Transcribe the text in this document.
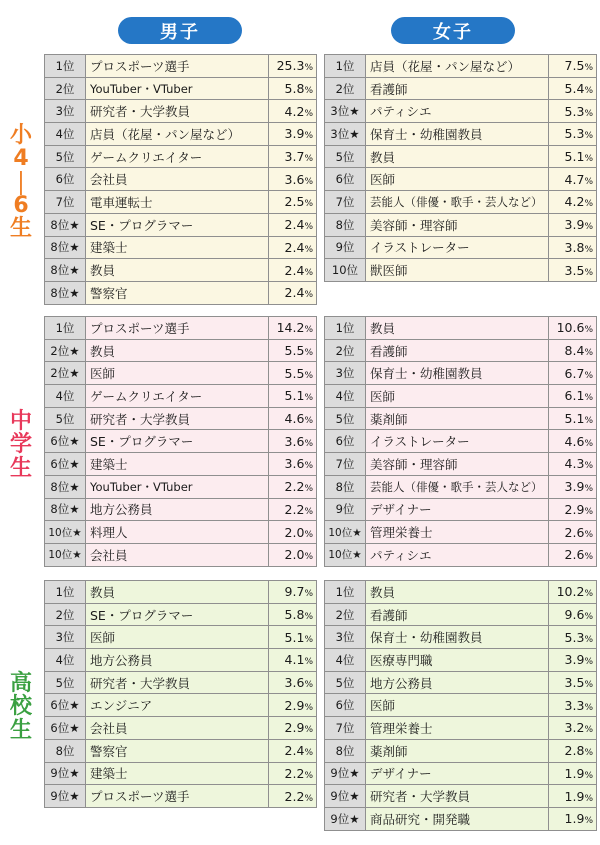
男子	女子
小
4
|
6
生
中
学
生
高
校
生
1位	プロスポーツ選手	25.3%
2位	YouTuber・VTuber	5.8%
3位	研究者・大学教員	4.2%
4位	店員（花屋・パン屋など）	3.9%
5位	ゲームクリエイター	3.7%
6位	会社員	3.6%
7位	電車運転士	2.5%
8位★	SE・プログラマー	2.4%
8位★	建築士	2.4%
8位★	教員	2.4%
8位★	警察官	2.4%
1位	店員（花屋・パン屋など）	7.5%
2位	看護師	5.4%
3位★	パティシエ	5.3%
3位★	保育士・幼稚園教員	5.3%
5位	教員	5.1%
6位	医師	4.7%
7位	芸能人（俳優・歌手・芸人など）	4.2%
8位	美容師・理容師	3.9%
9位	イラストレーター	3.8%
10位	獣医師	3.5%
1位	プロスポーツ選手	14.2%
2位★	教員	5.5%
2位★	医師	5.5%
4位	ゲームクリエイター	5.1%
5位	研究者・大学教員	4.6%
6位★	SE・プログラマー	3.6%
6位★	建築士	3.6%
8位★	YouTuber・VTuber	2.2%
8位★	地方公務員	2.2%
10位★	料理人	2.0%
10位★	会社員	2.0%
1位	教員	10.6%
2位	看護師	8.4%
3位	保育士・幼稚園教員	6.7%
4位	医師	6.1%
5位	薬剤師	5.1%
6位	イラストレーター	4.6%
7位	美容師・理容師	4.3%
8位	芸能人（俳優・歌手・芸人など）	3.9%
9位	デザイナー	2.9%
10位★	管理栄養士	2.6%
10位★	パティシエ	2.6%
1位	教員	9.7%
2位	SE・プログラマー	5.8%
3位	医師	5.1%
4位	地方公務員	4.1%
5位	研究者・大学教員	3.6%
6位★	エンジニア	2.9%
6位★	会社員	2.9%
8位	警察官	2.4%
9位★	建築士	2.2%
9位★	プロスポーツ選手	2.2%
1位	教員	10.2%
2位	看護師	9.6%
3位	保育士・幼稚園教員	5.3%
4位	医療専門職	3.9%
5位	地方公務員	3.5%
6位	医師	3.3%
7位	管理栄養士	3.2%
8位	薬剤師	2.8%
9位★	デザイナー	1.9%
9位★	研究者・大学教員	1.9%
9位★	商品研究・開発職	1.9%
